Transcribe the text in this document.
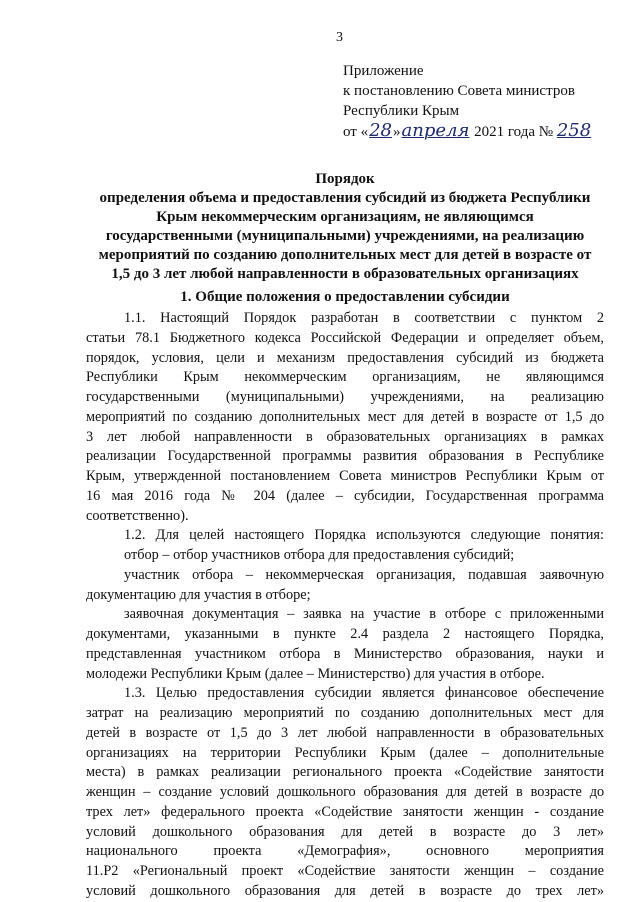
3
Приложение
к постановлению Совета министров
Республики Крым
от «28»апреля 2021 года № 258
Порядок
определения объема и предоставления субсидий из бюджета Республики
Крым некоммерческим организациям, не являющимся
государственными (муниципальными) учреждениями, на реализацию
мероприятий по созданию дополнительных мест для детей в возрасте от
1,5 до 3 лет любой направленности в образовательных организациях
1. Общие положения о предоставлении субсидии
1.1. Настоящий Порядок разработан в соответствии с пунктом 2
статьи 78.1 Бюджетного кодекса Российской Федерации и определяет объем,
порядок, условия, цели и механизм предоставления субсидий из бюджета
Республики Крым некоммерческим организациям, не являющимся
государственными (муниципальными) учреждениями, на реализацию
мероприятий по созданию дополнительных мест для детей в возрасте от 1,5 до
3 лет любой направленности в образовательных организациях в рамках
реализации Государственной программы развития образования в Республике
Крым, утвержденной постановлением Совета министров Республики Крым от
16 мая 2016 года № 204 (далее – субсидии, Государственная программа
соответственно).
1.2. Для целей настоящего Порядка используются следующие понятия:
отбор – отбор участников отбора для предоставления субсидий;
участник отбора – некоммерческая организация, подавшая заявочную
документацию для участия в отборе;
заявочная документация – заявка на участие в отборе с приложенными
документами, указанными в пункте 2.4 раздела 2 настоящего Порядка,
представленная участником отбора в Министерство образования, науки и
молодежи Республики Крым (далее – Министерство) для участия в отборе.
1.3. Целью предоставления субсидии является финансовое обеспечение
затрат на реализацию мероприятий по созданию дополнительных мест для
детей в возрасте от 1,5 до 3 лет любой направленности в образовательных
организациях на территории Республики Крым (далее – дополнительные
места) в рамках реализации регионального проекта «Содействие занятости
женщин – создание условий дошкольного образования для детей в возрасте до
трех лет» федерального проекта «Содействие занятости женщин - создание
условий дошкольного образования для детей в возрасте до 3 лет»
национального проекта «Демография», основного мероприятия
11.Р2 «Региональный проект «Содействие занятости женщин – создание
условий дошкольного образования для детей в возрасте до трех лет»
